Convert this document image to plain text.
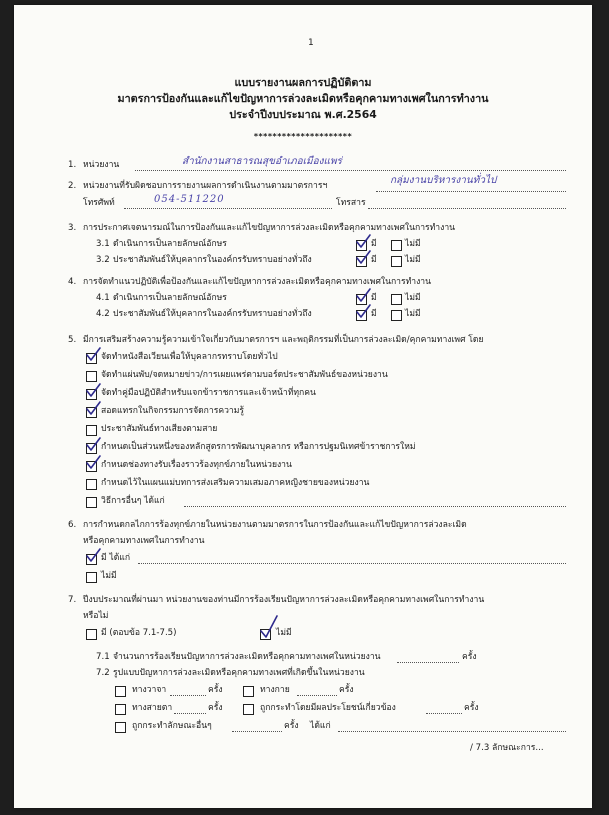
1
แบบรายงานผลการปฏิบัติตาม
มาตรการป้องกันและแก้ไขปัญหาการล่วงละเมิดหรือคุกคามทางเพศในการทำงาน
ประจำปีงบประมาณ พ.ศ.2564
*********************
1. หน่วยงาน	สำนักงานสาธารณสุขอำเภอเมืองแพร่
2. หน่วยงานที่รับผิดชอบการรายงานผลการดำเนินงานตามมาตรการฯ	กลุ่มงานบริหารงานทั่วไป
โทรศัพท์	054-511220	โทรสาร
3. การประกาศเจตนารมณ์ในการป้องกันและแก้ไขปัญหาการล่วงละเมิดหรือคุกคามทางเพศในการทำงาน
3.1 ดำเนินการเป็นลายลักษณ์อักษร	มี	ไม่มี
3.2 ประชาสัมพันธ์ให้บุคลากรในองค์กรรับทราบอย่างทั่วถึง	มี	ไม่มี
4. การจัดทำแนวปฏิบัติเพื่อป้องกันและแก้ไขปัญหาการล่วงละเมิดหรือคุกคามทางเพศในการทำงาน
4.1 ดำเนินการเป็นลายลักษณ์อักษร	มี	ไม่มี
4.2 ประชาสัมพันธ์ให้บุคลากรในองค์กรรับทราบอย่างทั่วถึง	มี	ไม่มี
5. มีการเสริมสร้างความรู้ความเข้าใจเกี่ยวกับมาตรการฯ และพฤติกรรมที่เป็นการล่วงละเมิด/คุกคามทางเพศ โดย
จัดทำหนังสือเวียนเพื่อให้บุคลากรทราบโดยทั่วไป
จัดทำแผ่นพับ/จดหมายข่าว/การเผยแพร่ตามบอร์ดประชาสัมพันธ์ของหน่วยงาน
จัดทำคู่มือปฏิบัติสำหรับแจกข้าราชการและเจ้าหน้าที่ทุกคน
สอดแทรกในกิจกรรมการจัดการความรู้
ประชาสัมพันธ์ทางเสียงตามสาย
กำหนดเป็นส่วนหนึ่งของหลักสูตรการพัฒนาบุคลากร หรือการปฐมนิเทศข้าราชการใหม่
กำหนดช่องทางรับเรื่องราวร้องทุกข์ภายในหน่วยงาน
กำหนดไว้ในแผนแม่บทการส่งเสริมความเสมอภาคหญิงชายของหน่วยงาน
วิธีการอื่นๆ ได้แก่
6. การกำหนดกลไกการร้องทุกข์ภายในหน่วยงานตามมาตรการในการป้องกันและแก้ไขปัญหาการล่วงละเมิด
หรือคุกคามทางเพศในการทำงาน
มี ได้แก่
ไม่มี
7. ปีงบประมาณที่ผ่านมา หน่วยงานของท่านมีการร้องเรียนปัญหาการล่วงละเมิดหรือคุกคามทางเพศในการทำงาน
หรือไม่
มี (ตอบข้อ 7.1-7.5)	ไม่มี
7.1 จำนวนการร้องเรียนปัญหาการล่วงละเมิดหรือคุกคามทางเพศในหน่วยงาน	ครั้ง
7.2 รูปแบบปัญหาการล่วงละเมิดหรือคุกคามทางเพศที่เกิดขึ้นในหน่วยงาน
ทางวาจา	ครั้ง	ทางกาย	ครั้ง
ทางสายตา	ครั้ง	ถูกกระทำโดยมีผลประโยชน์เกี่ยวข้อง	ครั้ง
ถูกกระทำลักษณะอื่นๆ	ครั้ง ได้แก่
/ 7.3 ลักษณะการ...
